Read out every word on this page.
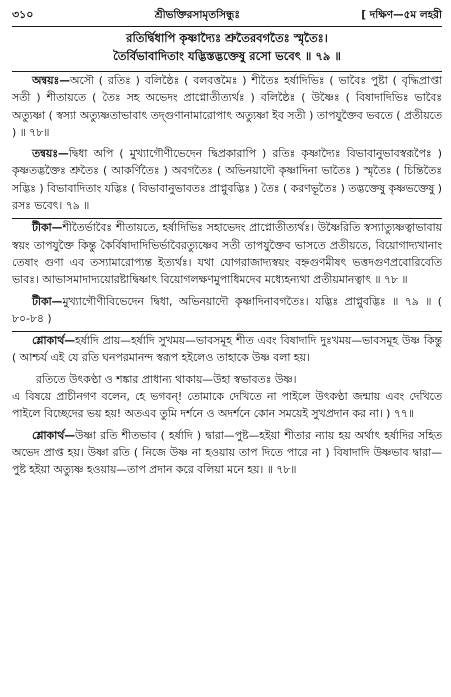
৩১০	শ্রীভক্তিরসামৃতসিন্ধুঃ	[ দক্ষিণ—৫ম লহরী

রতির্দ্বিধাপি কৃষ্ণাদ্যৈঃ শ্রুতৈরবগতৈঃ স্মৃতৈঃ।

তৈর্বিভাবাদিতাং যদ্ভিস্তদ্ভক্তেষু রসো ভবেৎ ॥ ৭৯ ॥

অন্বয়ঃ—অসৌ ( রতিঃ ) বলিষ্ঠৈঃ ( বলবত্তমৈঃ ) শীতৈঃ হর্ষাদিভিঃ ( ভাবৈঃ পুষ্টা ( বৃদ্ধিপ্রাপ্তা সতী ) শীতায়তে ( তৈঃ সহ অভেদং প্রাপ্নোতীত্যর্থঃ ) বলিষ্ঠৈঃ ( উষ্ণৈঃ ( বিষাদাদিভিঃ ভাবৈঃ অত্যুষ্ণা ( স্বস্যা অত্যুষ্ণতাভাবাৎ তদ্গুণানামারোপাৎ অত্যুষ্ণা ইব সতী ) তাপযুক্তৈব ভবতে ( প্রতীয়তে ) ॥ ৭৮॥

তন্বয়ঃ—দ্বিধা অপি ( মুখ্যাগৌণীভেদেন দ্বিপ্রকারাপি ) রতিঃ কৃষ্ণাদ্যৈঃ বিভাবানুভাবস্বরূপৈঃ ) কৃষ্ণতদ্ভক্তৈঃ শ্রুতৈঃ ( আকর্ণিতৈঃ ) অবগতৈঃ ( অভিনয়াদৌ কৃষ্ণাদিনা ভাতৈঃ ) স্মৃতৈঃ ( চিন্তিতৈঃ সদ্ভিঃ ) বিভাবাদিতাং যদ্ভিঃ ( বিভাবানুভাবতঃ প্রাপ্নুবদ্ভিঃ ) তৈঃ ( করণভূতৈঃ ) তদ্ভক্তেষু কৃষ্ণভক্তেষু ) রসঃ ভবেৎ। ৭৯ ॥

টীকা—শীতৈর্ভাবৈঃ শীতায়তে, হর্ষাদিভিঃ সহাভেদং প্রাপ্নোতীত্যর্থঃ। উষ্ণৈরিতি স্বস্যাত্যুষ্ণত্বাভাবায় স্বয়ং তাপযুক্তৈ কিন্তু কৈর্বিষাদাদিভির্ভাবৈরত্যুষ্ণেব সতী তাপযুক্তৈব ভাসতে প্রতীয়তে, বিয়োগাদ্যখানাং তেষাং গুণা এব তস্যামারোপ্যন্ত ইত্যর্থঃ। যথা যোগরাজাদ্যস্বয়ং বহ্নগুণমীষৎ ভত্তদগুণপ্রবোরিবেতি ভাবঃ। আভাসমাদাদ্যয়োরষ্টাদ্বিষ্ণাৎ বিয়োগলক্ষণমুপাধিমদেব মধ্যেহন্যথা প্রতীয়মানত্বাৎ ॥ ৭৮ ॥

টীকা—মুখ্যাগৌণীবিভেদেন দ্বিধা, অভিনয়াদৌ কৃষ্ণাদিনাবগতৈঃ। যদ্ভিঃ প্রাপ্নুবদ্ভিঃ ॥ ৭৯ ॥ ( ৮০-৮৪ )

শ্লোকার্থ—হর্ষাদি প্রায়—হর্ষাদি সুখময়—ভাবসমূহ শীত এবং বিষাদাদি দুঃখময়—ভাবসমূহ উষ্ণ কিন্তু ( আশ্চর্য এই যে রতি ঘনপরমানন্দ স্বরূপ হইলেও তাহাকে উষ্ণ বলা হয়।

রতিতে উৎকণ্ঠা ও শঙ্কার প্রাধান্য থাকায়—উহা স্বভাবতঃ উষ্ণ।

এ বিষয়ে প্রাচীনগণ বলেন, হে ভগবন্! তোমাকে দেখিতে না পাইলে উৎকণ্ঠা জন্মায় এবং দেখিতে পাইলে বিচ্ছেদের ভয় হয়! অতএব তুমি দর্শনে ও অদর্শনে কোন সময়েই সুখপ্রদান কর না। ) ৭৭॥

শ্লোকার্থ—উষ্ণা রতি শীতভাব ( হর্ষাদি ) দ্বারা—পুষ্ট—হইয়া শীতার ন্যায় হয় অর্থাৎ হর্ষাদির সহিত অভেদ প্রাপ্ত হয়। উষ্ণা রতি ( নিজে উষ্ণ না হওয়ায় তাপ দিতে পারে না ) বিষাদাদি উষ্ণভাব দ্বারা—পুষ্ট হইয়া অত্যুষ্ণ হওয়ায়—তাপ প্রদান করে বলিয়া মনে হয়। ॥ ৭৮॥
